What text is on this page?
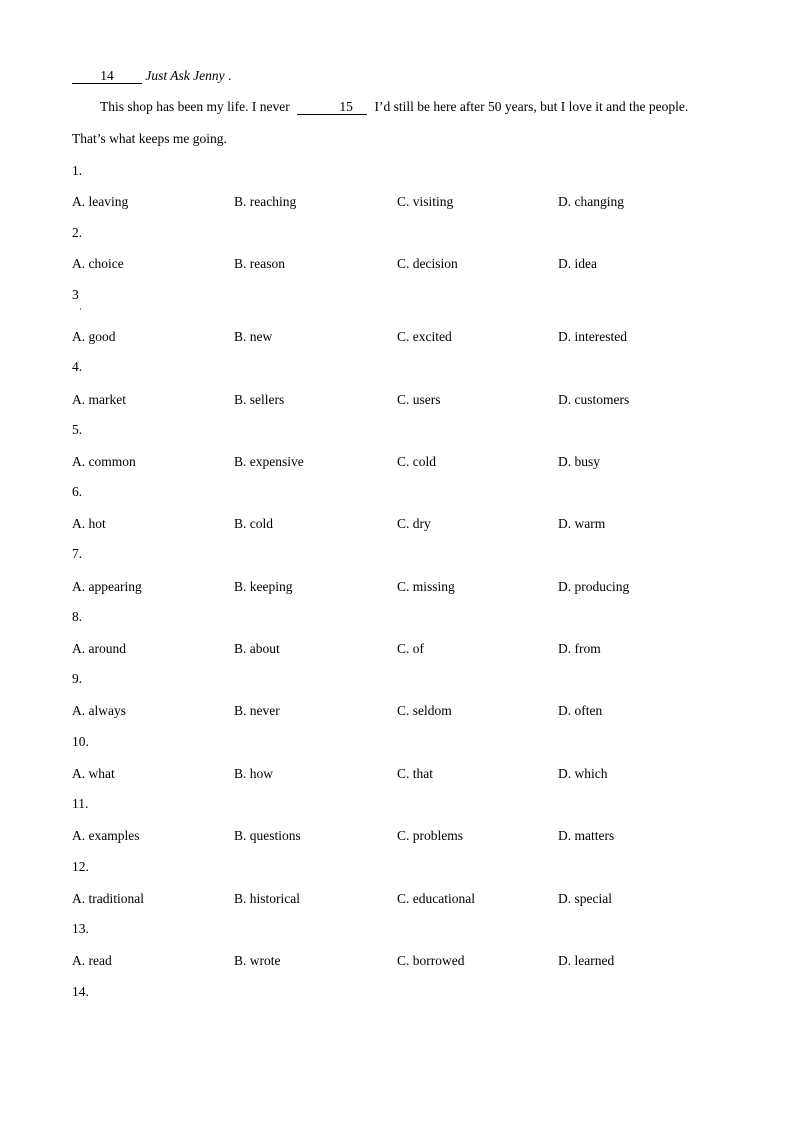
14 Just Ask Jenny .
This shop has been my life. I never	15 I’d still be here after 50 years, but I love it and the people.
That’s what keeps me going.
1.
A. leaving	B. reaching	C. visiting	D. changing
2.
A. choice	B. reason	C. decision	D. idea
3
A. good	B. new	C. excited	D. interested
4.
A. market	B. sellers	C. users	D. customers
5.
A. common	B. expensive	C. cold	D. busy
6.
A. hot	B. cold	C. dry	D. warm
7.
A. appearing	B. keeping	C. missing	D. producing
8.
A. around	B. about	C. of	D. from
9.
A. always	B. never	C. seldom	D. often
10.
A. what	B. how	C. that	D. which
11.
A. examples	B. questions	C. problems	D. matters
12.
A. traditional	B. historical	C. educational	D. special
13.
A. read	B. wrote	C. borrowed	D. learned
14.
·
